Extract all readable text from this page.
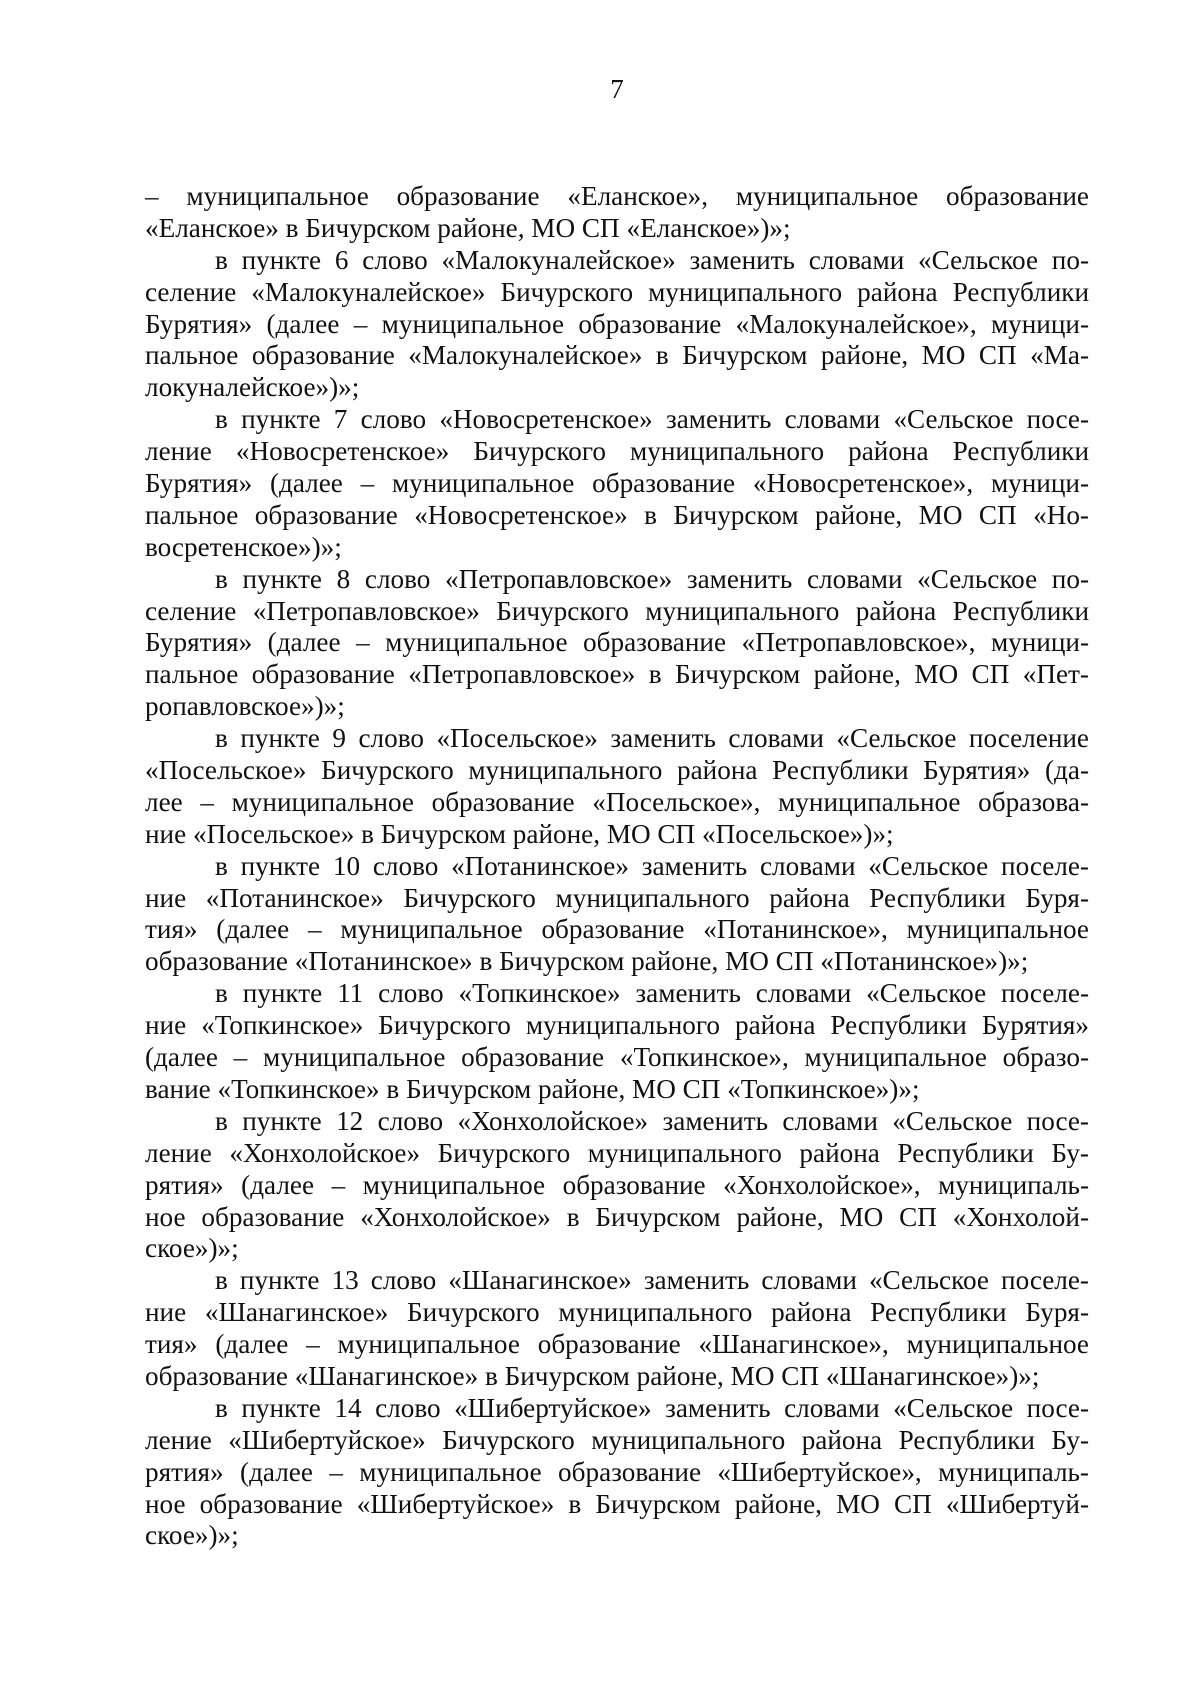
7
– муниципальное образование «Еланское», муниципальное образование
«Еланское» в Бичурском районе, МО СП «Еланское»)»;
в пункте 6 слово «Малокуналейское» заменить словами «Сельское по-
селение «Малокуналейское» Бичурского муниципального района Республики
Бурятия» (далее – муниципальное образование «Малокуналейское», муници-
пальное образование «Малокуналейское» в Бичурском районе, МО СП «Ма-
локуналейское»)»;
в пункте 7 слово «Новосретенское» заменить словами «Сельское посе-
ление «Новосретенское» Бичурского муниципального района Республики
Бурятия» (далее – муниципальное образование «Новосретенское», муници-
пальное образование «Новосретенское» в Бичурском районе, МО СП «Но-
восретенское»)»;
в пункте 8 слово «Петропавловское» заменить словами «Сельское по-
селение «Петропавловское» Бичурского муниципального района Республики
Бурятия» (далее – муниципальное образование «Петропавловское», муници-
пальное образование «Петропавловское» в Бичурском районе, МО СП «Пет-
ропавловское»)»;
в пункте 9 слово «Посельское» заменить словами «Сельское поселение
«Посельское» Бичурского муниципального района Республики Бурятия» (да-
лее – муниципальное образование «Посельское», муниципальное образова-
ние «Посельское» в Бичурском районе, МО СП «Посельское»)»;
в пункте 10 слово «Потанинское» заменить словами «Сельское поселе-
ние «Потанинское» Бичурского муниципального района Республики Буря-
тия» (далее – муниципальное образование «Потанинское», муниципальное
образование «Потанинское» в Бичурском районе, МО СП «Потанинское»)»;
в пункте 11 слово «Топкинское» заменить словами «Сельское поселе-
ние «Топкинское» Бичурского муниципального района Республики Бурятия»
(далее – муниципальное образование «Топкинское», муниципальное образо-
вание «Топкинское» в Бичурском районе, МО СП «Топкинское»)»;
в пункте 12 слово «Хонхолойское» заменить словами «Сельское посе-
ление «Хонхолойское» Бичурского муниципального района Республики Бу-
рятия» (далее – муниципальное образование «Хонхолойское», муниципаль-
ное образование «Хонхолойское» в Бичурском районе, МО СП «Хонхолой-
ское»)»;
в пункте 13 слово «Шанагинское» заменить словами «Сельское поселе-
ние «Шанагинское» Бичурского муниципального района Республики Буря-
тия» (далее – муниципальное образование «Шанагинское», муниципальное
образование «Шанагинское» в Бичурском районе, МО СП «Шанагинское»)»;
в пункте 14 слово «Шибертуйское» заменить словами «Сельское посе-
ление «Шибертуйское» Бичурского муниципального района Республики Бу-
рятия» (далее – муниципальное образование «Шибертуйское», муниципаль-
ное образование «Шибертуйское» в Бичурском районе, МО СП «Шибертуй-
ское»)»;
